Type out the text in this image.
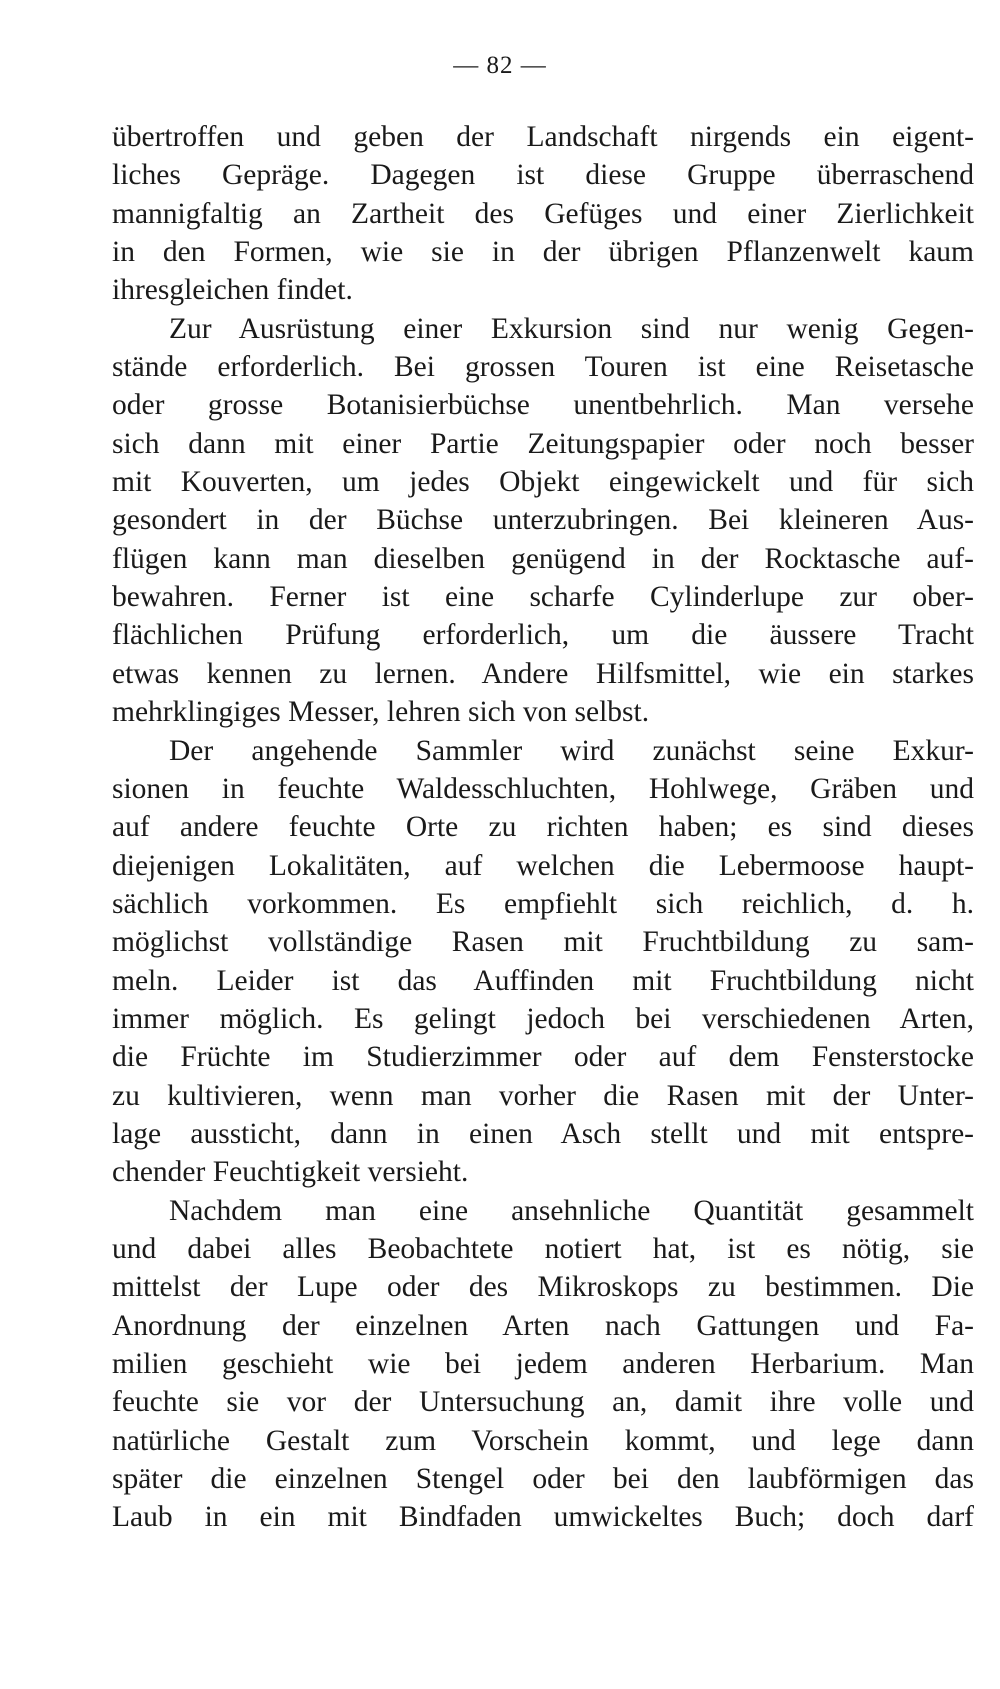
— 82 —
übertroffen und geben der Landschaft nirgends ein eigent-
liches Gepräge. Dagegen ist diese Gruppe überraschend
mannigfaltig an Zartheit des Gefüges und einer Zierlichkeit
in den Formen, wie sie in der übrigen Pflanzenwelt kaum
ihresgleichen findet.
Zur Ausrüstung einer Exkursion sind nur wenig Gegen-
stände erforderlich. Bei grossen Touren ist eine Reisetasche
oder grosse Botanisierbüchse unentbehrlich. Man versehe
sich dann mit einer Partie Zeitungspapier oder noch besser
mit Kouverten, um jedes Objekt eingewickelt und für sich
gesondert in der Büchse unterzubringen. Bei kleineren Aus-
flügen kann man dieselben genügend in der Rocktasche auf-
bewahren. Ferner ist eine scharfe Cylinderlupe zur ober-
flächlichen Prüfung erforderlich, um die äussere Tracht
etwas kennen zu lernen. Andere Hilfsmittel, wie ein starkes
mehrklingiges Messer, lehren sich von selbst.
Der angehende Sammler wird zunächst seine Exkur-
sionen in feuchte Waldesschluchten, Hohlwege, Gräben und
auf andere feuchte Orte zu richten haben; es sind dieses
diejenigen Lokalitäten, auf welchen die Lebermoose haupt-
sächlich vorkommen. Es empfiehlt sich reichlich, d. h.
möglichst vollständige Rasen mit Fruchtbildung zu sam-
meln. Leider ist das Auffinden mit Fruchtbildung nicht
immer möglich. Es gelingt jedoch bei verschiedenen Arten,
die Früchte im Studierzimmer oder auf dem Fensterstocke
zu kultivieren, wenn man vorher die Rasen mit der Unter-
lage aussticht, dann in einen Asch stellt und mit entspre-
chender Feuchtigkeit versieht.
Nachdem man eine ansehnliche Quantität gesammelt
und dabei alles Beobachtete notiert hat, ist es nötig, sie
mittelst der Lupe oder des Mikroskops zu bestimmen. Die
Anordnung der einzelnen Arten nach Gattungen und Fa-
milien geschieht wie bei jedem anderen Herbarium. Man
feuchte sie vor der Untersuchung an, damit ihre volle und
natürliche Gestalt zum Vorschein kommt, und lege dann
später die einzelnen Stengel oder bei den laubförmigen das
Laub in ein mit Bindfaden umwickeltes Buch; doch darf
